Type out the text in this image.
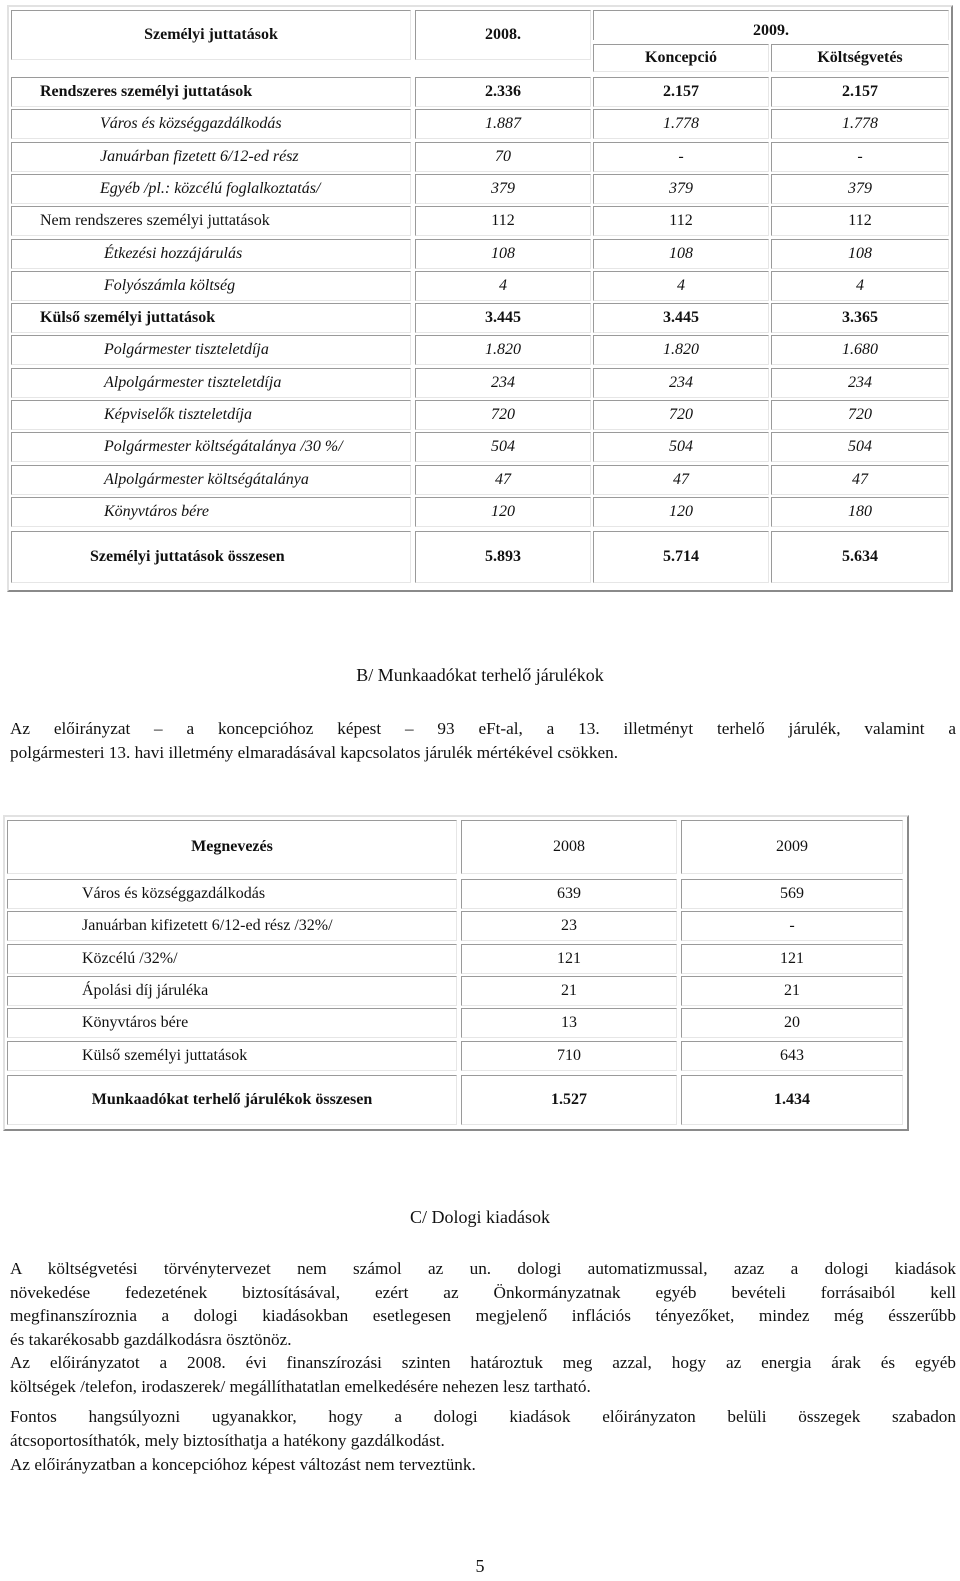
Személyi juttatások	2008.	2009.
Koncepció	Költségvetés
Rendszeres személyi juttatások	2.336	2.157	2.157
Város és községgazdálkodás	1.887	1.778	1.778
Januárban fizetett 6/12-ed rész	70	-	-
Egyéb /pl.: közcélú foglalkoztatás/	379	379	379
Nem rendszeres személyi juttatások	112	112	112
Étkezési hozzájárulás	108	108	108
Folyószámla költség	4	4	4
Külső személyi juttatások	3.445	3.445	3.365
Polgármester tiszteletdíja	1.820	1.820	1.680
Alpolgármester tiszteletdíja	234	234	234
Képviselők tiszteletdíja	720	720	720
Polgármester költségátalánya /30 %/	504	504	504
Alpolgármester költségátalánya	47	47	47
Könyvtáros bére	120	120	180
Személyi juttatások összesen	5.893	5.714	5.634
B/ Munkaadókat terhelő járulékok

Az előirányzat – a koncepcióhoz képest – 93 eFt-al, a 13. illetményt terhelő járulék, valamint a
polgármesteri 13. havi illetmény elmaradásával kapcsolatos járulék mértékével csökken.

Megnevezés	2008	2009
Város és községgazdálkodás	639	569
Januárban kifizetett 6/12-ed rész /32%/	23	-
Közcélú /32%/	121	121
Ápolási díj járuléka	21	21
Könyvtáros bére	13	20
Külső személyi juttatások	710	643
Munkaadókat terhelő járulékok összesen	1.527	1.434
C/ Dologi kiadások

A költségvetési törvénytervezet nem számol az un. dologi automatizmussal, azaz a dologi kiadások
növekedése fedezetének biztosításával, ezért az Önkormányzatnak egyéb bevételi forrásaiból kell
megfinanszíroznia a dologi kiadásokban esetlegesen megjelenő inflációs tényezőket, mindez még ésszerűbb
és takarékosabb gazdálkodásra ösztönöz.

Az előirányzatot a 2008. évi finanszírozási szinten határoztuk meg azzal, hogy az energia árak és egyéb
költségek /telefon, irodaszerek/ megállíthatatlan emelkedésére nehezen lesz tartható.

Fontos hangsúlyozni ugyanakkor, hogy a dologi kiadások előirányzaton belüli összegek szabadon
átcsoportosíthatók, mely biztosíthatja a hatékony gazdálkodást.

Az előirányzatban a koncepcióhoz képest változást nem terveztünk.

5
